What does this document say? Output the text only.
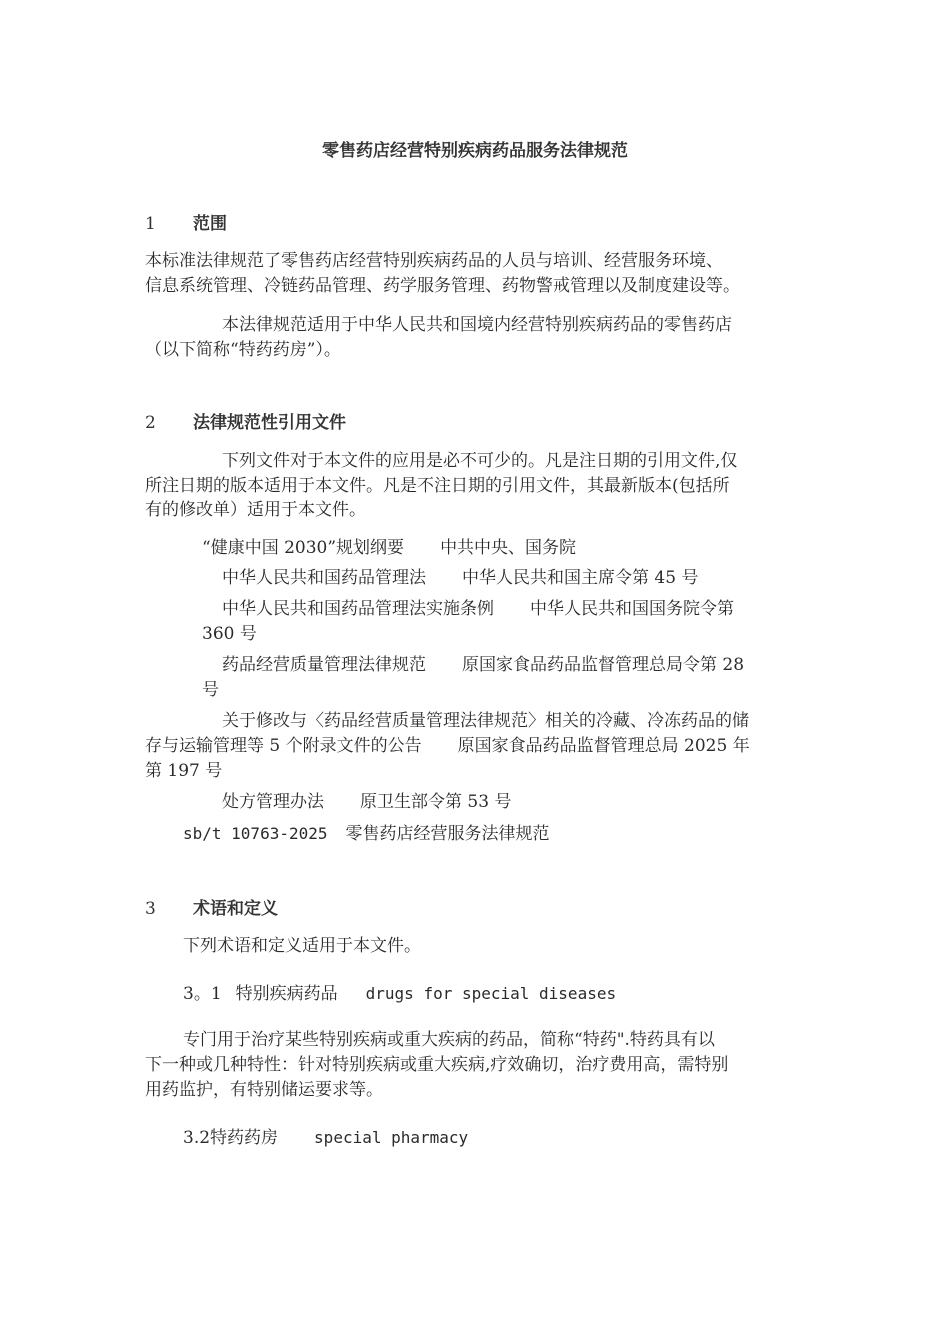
零售药店经营特别疾病药品服务法律规范
1 范围
本标准法律规范了零售药店经营特别疾病药品的人员与培训、经营服务环境、
信息系统管理、冷链药品管理、药学服务管理、药物警戒管理以及制度建设等。
本法律规范适用于中华人民共和国境内经营特别疾病药品的零售药店
（以下简称“特药药房”）。
2 法律规范性引用文件
下列文件对于本文件的应用是必不可少的。凡是注日期的引用文件,仅
所注日期的版本适用于本文件。凡是不注日期的引用文件，其最新版本(包括所
有的修改单）适用于本文件。
“健康中国 2030”规划纲要 中共中央、国务院
中华人民共和国药品管理法 中华人民共和国主席令第 45 号
中华人民共和国药品管理法实施条例 中华人民共和国国务院令第
360 号
药品经营质量管理法律规范 原国家食品药品监督管理总局令第 28
号
关于修改与〈药品经营质量管理法律规范〉相关的冷藏、冷冻药品的储
存与运输管理等 5 个附录文件的公告 原国家食品药品监督管理总局 2025 年
第 197 号
处方管理办法 原卫生部令第 53 号
sb/t 10763-2025 零售药店经营服务法律规范
3 术语和定义
下列术语和定义适用于本文件。
3。1 特别疾病药品 drugs for special diseases
专门用于治疗某些特别疾病或重大疾病的药品，简称“特药".特药具有以
下一种或几种特性：针对特别疾病或重大疾病,疗效确切，治疗费用高，需特别
用药监护，有特别储运要求等。
3.2特药药房 special pharmacy
